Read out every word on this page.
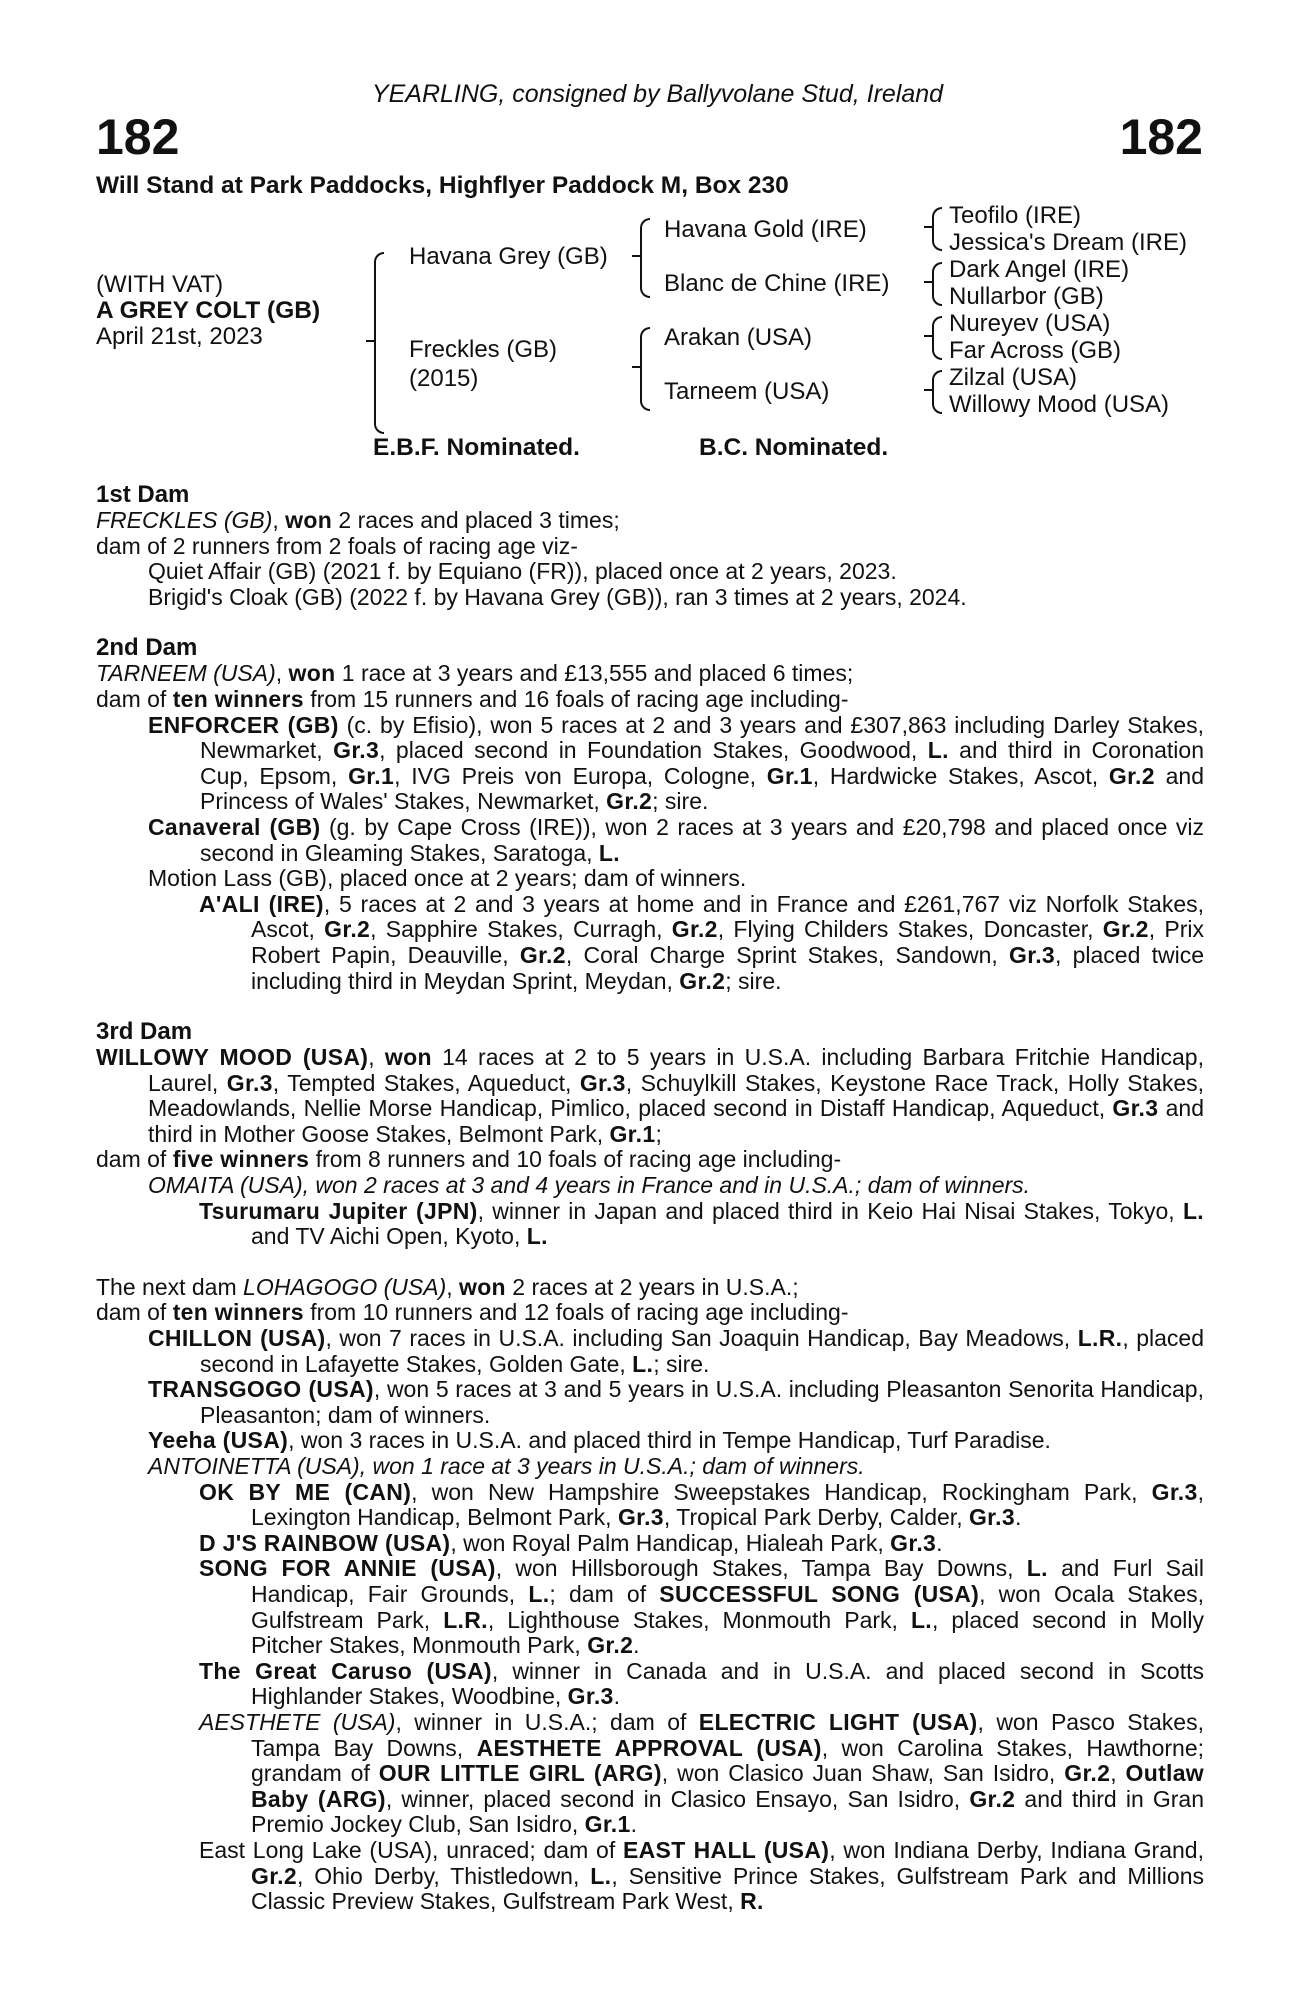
YEARLING, consigned by Ballyvolane Stud, Ireland
182	182
Will Stand at Park Paddocks, Highflyer Paddock M, Box 230
(WITH VAT)
A GREY COLT (GB)
April 21st, 2023
Havana Grey (GB)
Freckles (GB)
(2015)
Havana Gold (IRE)
Blanc de Chine (IRE)
Arakan (USA)
Tarneem (USA)
Teofilo (IRE)
Jessica's Dream (IRE)
Dark Angel (IRE)
Nullarbor (GB)
Nureyev (USA)
Far Across (GB)
Zilzal (USA)
Willowy Mood (USA)
E.B.F. Nominated.	B.C. Nominated.
1st Dam
FRECKLES (GB), won 2 races and placed 3 times;
dam of 2 runners from 2 foals of racing age viz-
Quiet Affair (GB) (2021 f. by Equiano (FR)), placed once at 2 years, 2023.
Brigid's Cloak (GB) (2022 f. by Havana Grey (GB)), ran 3 times at 2 years, 2024.
2nd Dam
TARNEEM (USA), won 1 race at 3 years and £13,555 and placed 6 times;
dam of ten winners from 15 runners and 16 foals of racing age including-
ENFORCER (GB) (c. by Efisio), won 5 races at 2 and 3 years and £307,863 including Darley Stakes, Newmarket, Gr.3, placed second in Foundation Stakes, Goodwood, L. and third in Coronation Cup, Epsom, Gr.1, IVG Preis von Europa, Cologne, Gr.1, Hardwicke Stakes, Ascot, Gr.2 and Princess of Wales' Stakes, Newmarket, Gr.2; sire.
Canaveral (GB) (g. by Cape Cross (IRE)), won 2 races at 3 years and £20,798 and placed once viz second in Gleaming Stakes, Saratoga, L.
Motion Lass (GB), placed once at 2 years; dam of winners.
A'ALI (IRE), 5 races at 2 and 3 years at home and in France and £261,767 viz Norfolk Stakes, Ascot, Gr.2, Sapphire Stakes, Curragh, Gr.2, Flying Childers Stakes, Doncaster, Gr.2, Prix Robert Papin, Deauville, Gr.2, Coral Charge Sprint Stakes, Sandown, Gr.3, placed twice including third in Meydan Sprint, Meydan, Gr.2; sire.
3rd Dam
WILLOWY MOOD (USA), won 14 races at 2 to 5 years in U.S.A. including Barbara Fritchie Handicap, Laurel, Gr.3, Tempted Stakes, Aqueduct, Gr.3, Schuylkill Stakes, Keystone Race Track, Holly Stakes, Meadowlands, Nellie Morse Handicap, Pimlico, placed second in Distaff Handicap, Aqueduct, Gr.3 and third in Mother Goose Stakes, Belmont Park, Gr.1;
dam of five winners from 8 runners and 10 foals of racing age including-
OMAITA (USA), won 2 races at 3 and 4 years in France and in U.S.A.; dam of winners.
Tsurumaru Jupiter (JPN), winner in Japan and placed third in Keio Hai Nisai Stakes, Tokyo, L. and TV Aichi Open, Kyoto, L.
The next dam LOHAGOGO (USA), won 2 races at 2 years in U.S.A.;
dam of ten winners from 10 runners and 12 foals of racing age including-
CHILLON (USA), won 7 races in U.S.A. including San Joaquin Handicap, Bay Meadows, L.R., placed second in Lafayette Stakes, Golden Gate, L.; sire.
TRANSGOGO (USA), won 5 races at 3 and 5 years in U.S.A. including Pleasanton Senorita Handicap, Pleasanton; dam of winners.
Yeeha (USA), won 3 races in U.S.A. and placed third in Tempe Handicap, Turf Paradise.
ANTOINETTA (USA), won 1 race at 3 years in U.S.A.; dam of winners.
OK BY ME (CAN), won New Hampshire Sweepstakes Handicap, Rockingham Park, Gr.3, Lexington Handicap, Belmont Park, Gr.3, Tropical Park Derby, Calder, Gr.3.
D J'S RAINBOW (USA), won Royal Palm Handicap, Hialeah Park, Gr.3.
SONG FOR ANNIE (USA), won Hillsborough Stakes, Tampa Bay Downs, L. and Furl Sail Handicap, Fair Grounds, L.; dam of SUCCESSFUL SONG (USA), won Ocala Stakes, Gulfstream Park, L.R., Lighthouse Stakes, Monmouth Park, L., placed second in Molly Pitcher Stakes, Monmouth Park, Gr.2.
The Great Caruso (USA), winner in Canada and in U.S.A. and placed second in Scotts Highlander Stakes, Woodbine, Gr.3.
AESTHETE (USA), winner in U.S.A.; dam of ELECTRIC LIGHT (USA), won Pasco Stakes, Tampa Bay Downs, AESTHETE APPROVAL (USA), won Carolina Stakes, Hawthorne; grandam of OUR LITTLE GIRL (ARG), won Clasico Juan Shaw, San Isidro, Gr.2, Outlaw Baby (ARG), winner, placed second in Clasico Ensayo, San Isidro, Gr.2 and third in Gran Premio Jockey Club, San Isidro, Gr.1.
East Long Lake (USA), unraced; dam of EAST HALL (USA), won Indiana Derby, Indiana Grand, Gr.2, Ohio Derby, Thistledown, L., Sensitive Prince Stakes, Gulfstream Park and Millions Classic Preview Stakes, Gulfstream Park West, R.
